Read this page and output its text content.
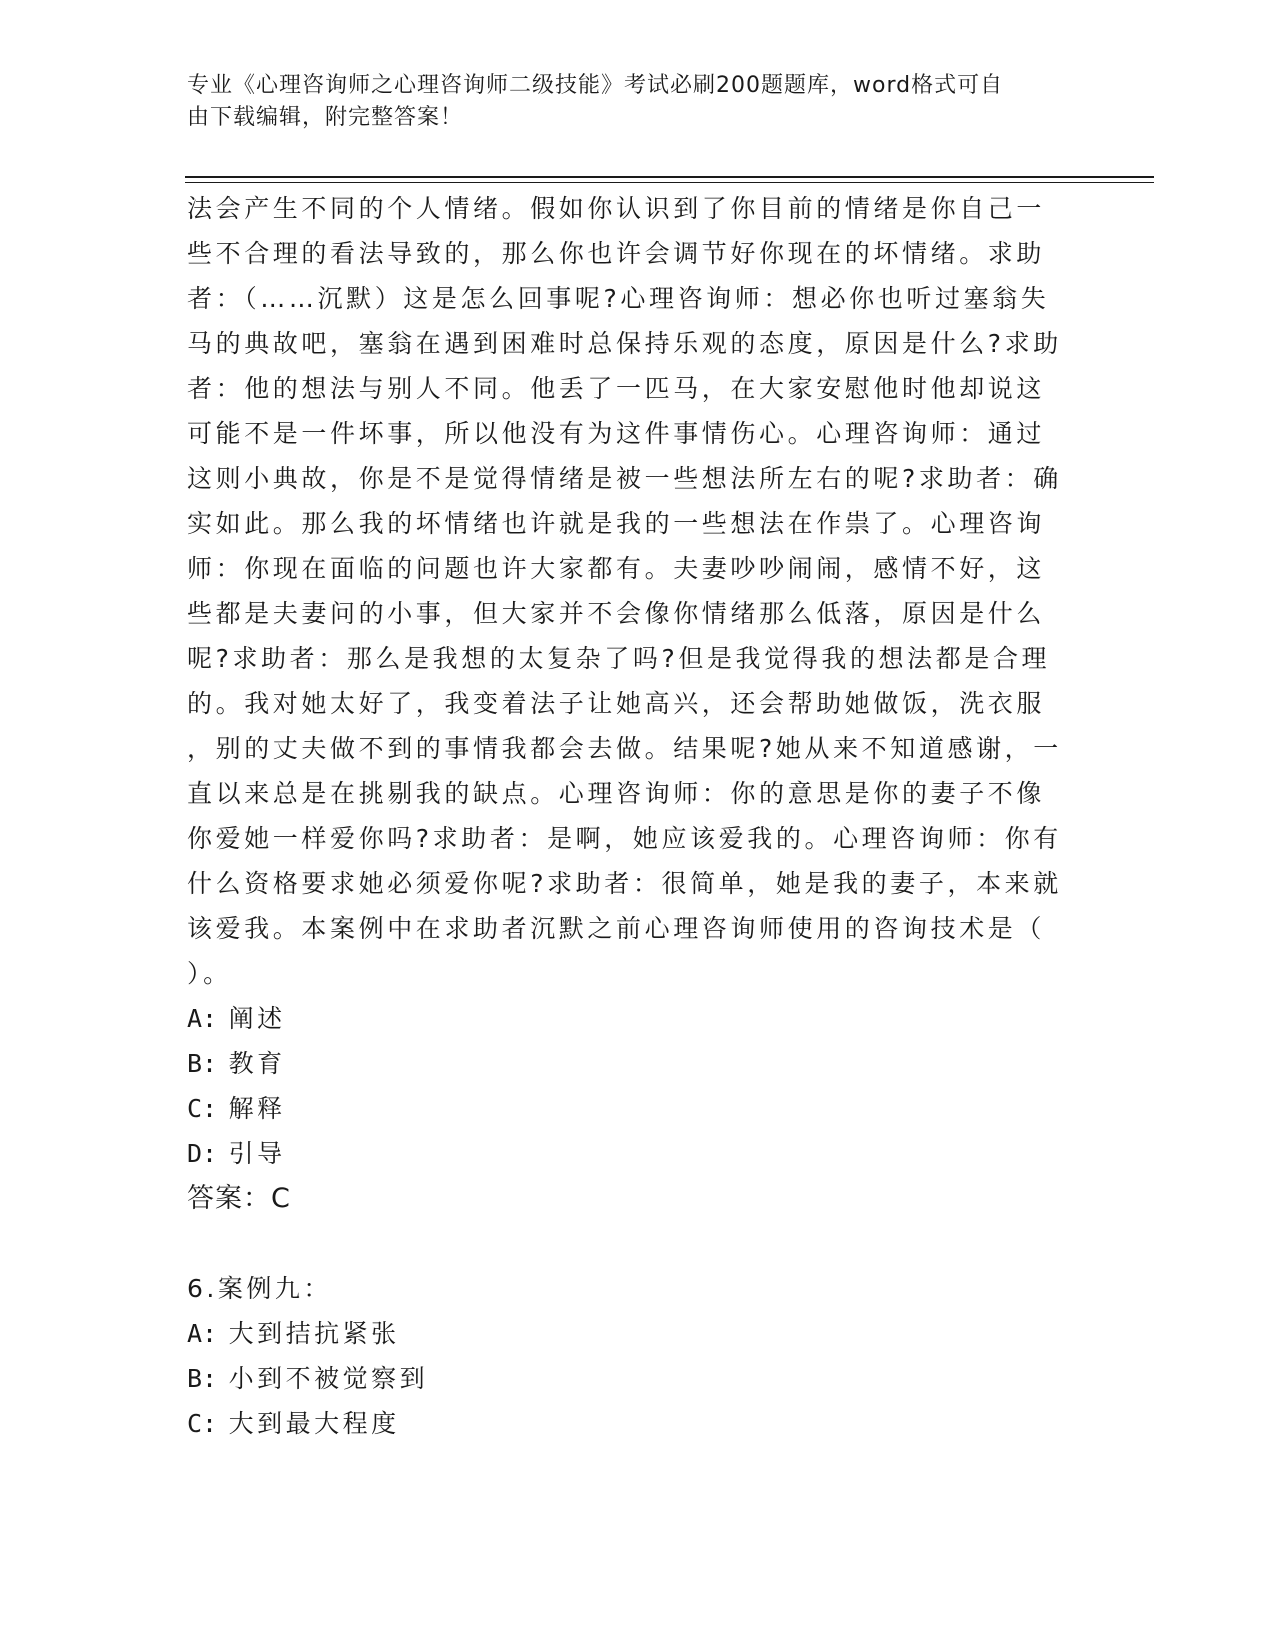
专业《心理咨询师之心理咨询师二级技能》考试必刷200题题库，word格式可自
由下载编辑，附完整答案！
法会产生不同的个人情绪。假如你认识到了你目前的情绪是你自己一
些不合理的看法导致的，那么你也许会调节好你现在的坏情绪。求助
者：（……沉默）这是怎么回事呢?心理咨询师：想必你也听过塞翁失
马的典故吧，塞翁在遇到困难时总保持乐观的态度，原因是什么?求助
者：他的想法与别人不同。他丢了一匹马，在大家安慰他时他却说这
可能不是一件坏事，所以他没有为这件事情伤心。心理咨询师：通过
这则小典故，你是不是觉得情绪是被一些想法所左右的呢?求助者：确
实如此。那么我的坏情绪也许就是我的一些想法在作祟了。心理咨询
师：你现在面临的问题也许大家都有。夫妻吵吵闹闹，感情不好，这
些都是夫妻问的小事，但大家并不会像你情绪那么低落，原因是什么
呢?求助者：那么是我想的太复杂了吗?但是我觉得我的想法都是合理
的。我对她太好了，我变着法子让她高兴，还会帮助她做饭，洗衣服
，别的丈夫做不到的事情我都会去做。结果呢?她从来不知道感谢，一
直以来总是在挑剔我的缺点。心理咨询师：你的意思是你的妻子不像
你爱她一样爱你吗?求助者：是啊，她应该爱我的。心理咨询师：你有
什么资格要求她必须爱你呢?求助者：很简单，她是我的妻子，本来就
该爱我。本案例中在求助者沉默之前心理咨询师使用的咨询技术是（
）。
A: 阐述
B: 教育
C: 解释
D: 引导
答案：C
6.案例九：
A: 大到拮抗紧张
B: 小到不被觉察到
C: 大到最大程度
